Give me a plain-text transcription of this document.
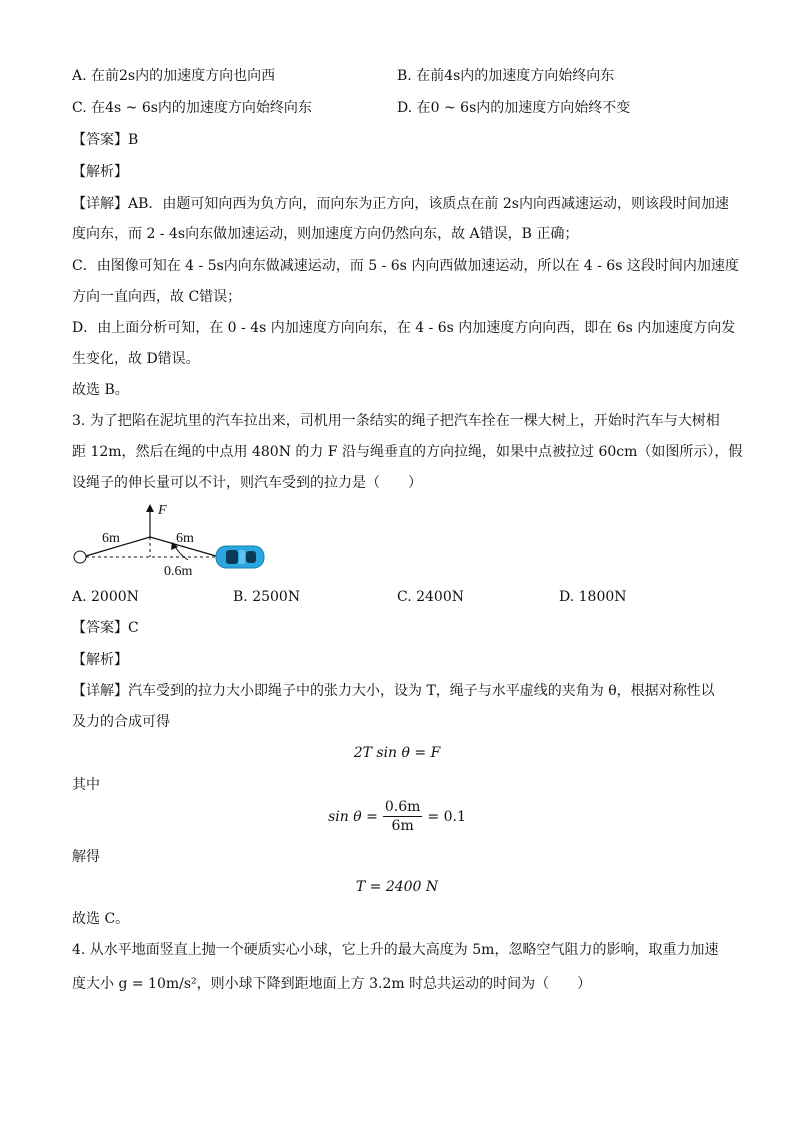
A. 在前2s内的加速度方向也向西	B. 在前4s内的加速度方向始终向东
C. 在4s ~ 6s内的加速度方向始终向东	D. 在0 ~ 6s内的加速度方向始终不变
【答案】B
【解析】
【详解】AB．由题可知向西为负方向，而向东为正方向，该质点在前 2s内向西减速运动，则该段时间加速
度向东，而 2 - 4s向东做加速运动，则加速度方向仍然向东，故 A错误，B 正确；
C．由图像可知在 4 - 5s内向东做减速运动，而 5 - 6s 内向西做加速运动，所以在 4 - 6s 这段时间内加速度
方向一直向西，故 C错误；
D．由上面分析可知，在 0 - 4s 内加速度方向向东，在 4 - 6s 内加速度方向向西，即在 6s 内加速度方向发
生变化，故 D错误。
故选 B。
3. 为了把陷在泥坑里的汽车拉出来，司机用一条结实的绳子把汽车拴在一棵大树上，开始时汽车与大树相
距 12m，然后在绳的中点用 480N 的力 F 沿与绳垂直的方向拉绳，如果中点被拉过 60cm（如图所示），假
设绳子的伸长量可以不计，则汽车受到的拉力是（　　）
6m	6m
F
0.6m
A. 2000N	B. 2500N	C. 2400N	D. 1800N
【答案】C
【解析】
【详解】汽车受到的拉力大小即绳子中的张力大小，设为 T，绳子与水平虚线的夹角为 θ，根据对称性以
及力的合成可得
2T sin θ = F
其中
$\sin \theta = \frac{0.6m}{6m} = 0.1$
解得
T = 2400 N
故选 C。
4. 从水平地面竖直上抛一个硬质实心小球，它上升的最大高度为 5m，忽略空气阻力的影响，取重力加速
度大小 g = 10m/s²，则小球下降到距地面上方 3.2m 时总共运动的时间为（　　）
